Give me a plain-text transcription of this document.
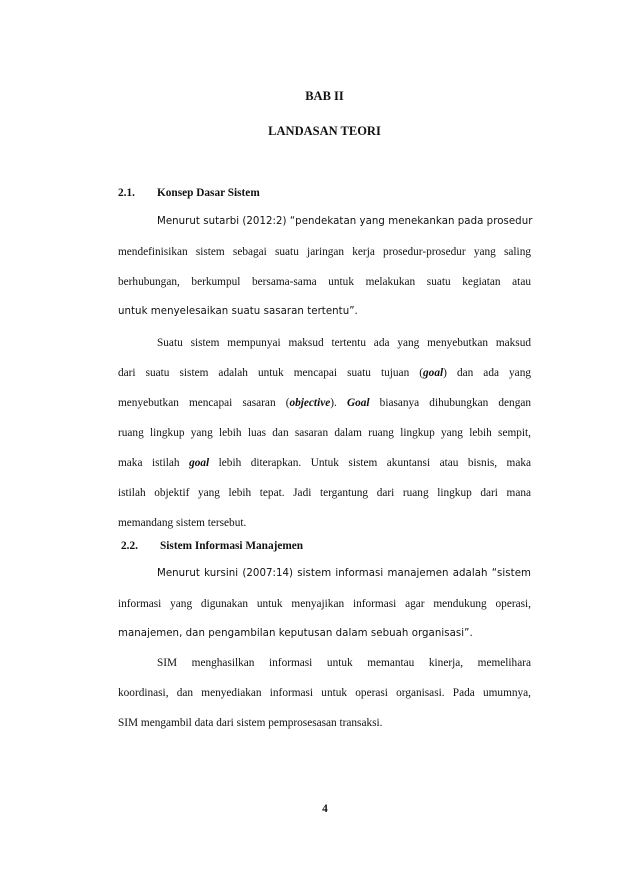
BAB II
LANDASAN TEORI
2.1. Konsep Dasar Sistem
Menurut sutarbi (2012:2) “pendekatan yang menekankan pada prosedur
mendefinisikan sistem sebagai suatu jaringan kerja prosedur-prosedur yang saling
berhubungan, berkumpul bersama-sama untuk melakukan suatu kegiatan atau
untuk menyelesaikan suatu sasaran tertentu”.
Suatu sistem mempunyai maksud tertentu ada yang menyebutkan maksud
dari suatu sistem adalah untuk mencapai suatu tujuan (goal) dan ada yang
menyebutkan mencapai sasaran (objective). Goal biasanya dihubungkan dengan
ruang lingkup yang lebih luas dan sasaran dalam ruang lingkup yang lebih sempit,
maka istilah goal lebih diterapkan. Untuk sistem akuntansi atau bisnis, maka
istilah objektif yang lebih tepat. Jadi tergantung dari ruang lingkup dari mana
memandang sistem tersebut.
2.2. Sistem Informasi Manajemen
Menurut kursini (2007:14) sistem informasi manajemen adalah “sistem
informasi yang digunakan untuk menyajikan informasi agar mendukung operasi,
manajemen, dan pengambilan keputusan dalam sebuah organisasi”.
SIM menghasilkan informasi untuk memantau kinerja, memelihara
koordinasi, dan menyediakan informasi untuk operasi organisasi. Pada umumnya,
SIM mengambil data dari sistem pemprosesasan transaksi.
4
